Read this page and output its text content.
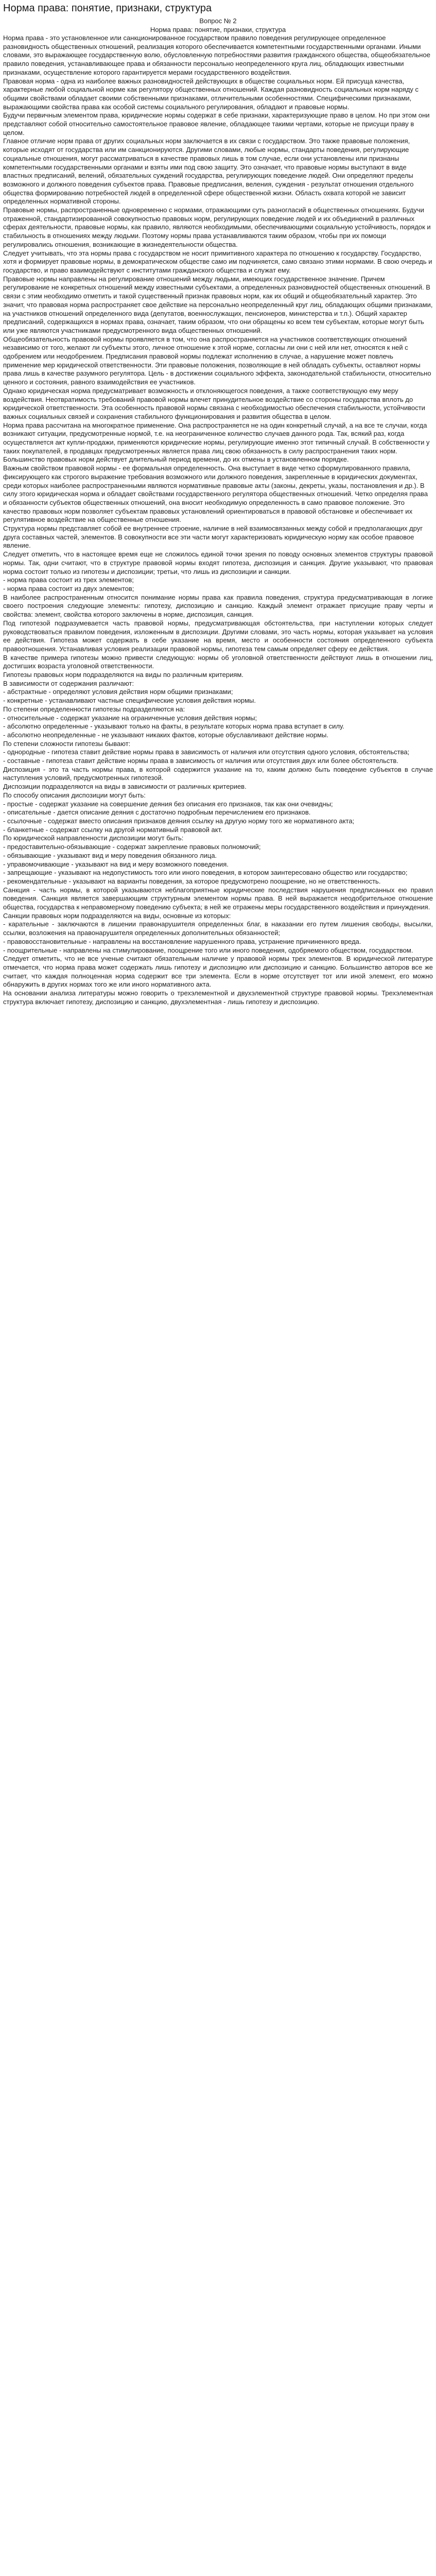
Норма права: понятие, признаки, структура

Вопрос № 2

Норма права: понятие, признаки, структура

Норма права - это установленное или санкционированное государством правило поведения регулирующее определенное разновидность общественных отношений, реализация которого обеспечивается компетентными государственными органами. Иными словами, это выражающее государственную волю, обусловленную потребностями развития гражданского общества, общеобязательное правило поведения, устанавливающее права и обязанности персонально неопределенного круга лиц, обладающих известными признаками, осуществление которого гарантируется мерами государственного воздействия.

Правовая норма - одна из наиболее важных разновидностей действующих в обществе социальных норм. Ей присуща качества, характерные любой социальной норме как регулятору общественных отношений. Каждая разновидность социальных норм наряду с общими свойствами обладает своими собственными признаками, отличительными особенностями. Специфическими признаками, выражающими свойства права как особой системы социального регулирования, обладают и правовые нормы.

Будучи первичным элементом права, юридические нормы содержат в себе признаки, характеризующие право в целом. Но при этом они представляют собой относительно самостоятельное правовое явление, обладающее такими чертами, которые не присущи праву в целом.

Главное отличие норм права от других социальных норм заключается в их связи с государством. Это также правовые положения, которые исходят от государства или им санкционируются. Другими словами, любые нормы, стандарты поведения, регулирующие социальные отношения, могут рассматриваться в качестве правовых лишь в том случае, если они установлены или признаны компетентными государственными органами и взяты ими под свою защиту. Это означает, что правовые нормы выступают в виде властных предписаний, велений, обязательных суждений государства, регулирующих поведение людей. Они определяют пределы возможного и должного поведения субъектов права. Правовые предписания, веления, суждения - результат отношения отдельного общества формированию потребностей людей в определенной сфере общественной жизни. Область охвата которой не зависит определенных нормативной стороны.

Правовые нормы, распространенные одновременно с нормами, отражающими суть разногласий в общественных отношениях. Будучи отраженной, стандартизированной совокупностью правовых норм, регулирующих поведение людей и их объединений в различных сферах деятельности, правовые нормы, как правило, являются необходимыми, обеспечивающими социальную устойчивость, порядок и стабильность в отношениях между людьми. Поэтому нормы права устанавливаются таким образом, чтобы при их помощи регулировались отношения, возникающие в жизнедеятельности общества.

Следует учитывать, что эта нормы права с государством не носит примитивного характера по отношению к государству. Государство, хотя и формирует правовые нормы, в демократическом обществе само им подчиняется, само связано этими нормами. В свою очередь и государство, и право взаимодействуют с институтами гражданского общества и служат ему.

Правовые нормы направлены на регулирование отношений между людьми, имеющих государственное значение. Причем регулирование не конкретных отношений между известными субъектами, а определенных разновидностей общественных отношений. В связи с этим необходимо отметить и такой существенный признак правовых норм, как их общий и общеобязательный характер. Это значит, что правовая норма распространяет свое действие на персонально неопределенный круг лиц, обладающих общими признаками, на участников отношений определенного вида (депутатов, военнослужащих, пенсионеров, министерства и т.п.). Общий характер предписаний, содержащихся в нормах права, означает, таким образом, что они обращены ко всем тем субъектам, которые могут быть или уже являются участниками предусмотренного вида общественных отношений.

Общеобязательность правовой нормы проявляется в том, что она распространяется на участников соответствующих отношений независимо от того, желают ли субъекты этого, личное отношение к этой норме, согласны ли они с ней или нет, относятся к ней с одобрением или неодобрением. Предписания правовой нормы подлежат исполнению в случае, а нарушение может повлечь применение мер юридической ответственности. Эти правовые положения, позволяющие в ней обладать субъекты, оставляют нормы права лишь в качестве разумного регулятора. Цель - в достижении социального эффекта, законодательной стабильности, относительно ценного и состояния, равного взаимодействия ее участников.

Однако юридическая норма предусматривает возможность и отклоняющегося поведения, а также соответствующую ему меру воздействия. Неотвратимость требований правовой нормы влечет принудительное воздействие со стороны государства вплоть до юридической ответственности. Эта особенность правовой нормы связана с необходимостью обеспечения стабильности, устойчивости важных социальных связей и сохранения стабильного функционирования и развития общества в целом.

Норма права рассчитана на многократное применение. Она распространяется не на один конкретный случай, а на все те случаи, когда возникают ситуации, предусмотренные нормой, т.е. на неограниченное количество случаев данного рода. Так, всякий раз, когда осуществляется акт купли-продажи, применяются юридические нормы, регулирующие именно этот типичный случай. В собственности у таких покупателей, в продавцах предусмотренных является права лиц свою обязанность в силу распространения таких норм.

Большинство правовых норм действует длительный период времени, до их отмены в установленном порядке.

Важным свойством правовой нормы - ее формальная определенность. Она выступает в виде четко сформулированного правила, фиксирующего как строгого выражение требования возможного или должного поведения, закрепленные в юридических документах, среди которых наиболее распространенными являются нормативные правовые акты (законы, декреты, указы, постановления и др.). В силу этого юридическая норма и обладает свойствами государственного регулятора общественных отношений. Четко определяя права и обязанности субъектов общественных отношений, она вносит необходимую определенность в само правовое положение. Это качество правовых норм позволяет субъектам правовых установлений ориентироваться в правовой обстановке и обеспечивает их регулятивное воздействие на общественные отношения.

Структура нормы представляет собой ее внутреннее строение, наличие в ней взаимосвязанных между собой и предполагающих друг друга составных частей, элементов. В совокупности все эти части могут характеризовать юридическую норму как особое правовое явление.

Следует отметить, что в настоящее время еще не сложилось единой точки зрения по поводу основных элементов структуры правовой нормы. Так, одни считают, что в структуре правовой нормы входят гипотеза, диспозиция и санкция. Другие указывают, что правовая норма состоит только из гипотезы и диспозиции; третьи, что лишь из диспозиции и санкции.

- норма права состоит из трех элементов;

- норма права состоит из двух элементов;

В наиболее распространенным относится понимание нормы права как правила поведения, структура предусматривающая в логике своего построения следующие элементы: гипотезу, диспозицию и санкцию. Каждый элемент отражает присущие праву черты и свойства: элемент, свойства которого заключены в норме, диспозиция, санкция.

Под гипотезой подразумевается часть правовой нормы, предусматривающая обстоятельства, при наступлении которых следует руководствоваться правилом поведения, изложенным в диспозиции. Другими словами, это часть нормы, которая указывает на условия ее действия. Гипотеза может содержать в себе указание на время, место и особенности состояния определенного субъекта правоотношения. Устанавливая условия реализации правовой нормы, гипотеза тем самым определяет сферу ее действия.

В качестве примера гипотезы можно привести следующую: нормы об уголовной ответственности действуют лишь в отношении лиц, достигших возраста уголовной ответственности.

Гипотезы правовых норм подразделяются на виды по различным критериям.

В зависимости от содержания различают:

- абстрактные - определяют условия действия норм общими признаками;

- конкретные - устанавливают частные специфические условия действия нормы.

По степени определенности гипотезы подразделяются на:

- относительные - содержат указание на ограниченные условия действия нормы;

- абсолютно определенные - указывают только на факты, в результате которых норма права вступает в силу.

- абсолютно неопределенные - не указывают никаких фактов, которые обуславливают действие нормы.

По степени сложности гипотезы бывают:

- однородные - гипотеза ставит действие нормы права в зависимость от наличия или отсутствия одного условия, обстоятельства;

- составные - гипотеза ставит действие нормы права в зависимость от наличия или отсутствия двух или более обстоятельств.

Диспозиция - это та часть нормы права, в которой содержится указание на то, каким должно быть поведение субъектов в случае наступления условий, предусмотренных гипотезой.

Диспозиции подразделяются на виды в зависимости от различных критериев.

По способу описания диспозиции могут быть:

- простые - содержат указание на совершение деяния без описания его признаков, так как они очевидны;

- описательные - дается описание деяния с достаточно подробным перечислением его признаков.

- ссылочные - содержат вместо описания признаков деяния ссылку на другую норму того же нормативного акта;

- бланкетные - содержат ссылку на другой нормативный правовой акт.

По юридической направленности диспозиции могут быть:

- предоставительно-обязывающие - содержат закрепление правовых полномочий;

- обязывающие - указывают вид и меру поведения обязанного лица.

- управомочивающие - указывают на вид и меру возможного поведения.

- запрещающие - указывают на недопустимость того или иного поведения, в котором заинтересовано общество или государство;

- рекомендательные - указывают на варианты поведения, за которое предусмотрено поощрение, но не ответственность.

Санкция - часть нормы, в которой указываются неблагоприятные юридические последствия нарушения предписанных ею правил поведения. Санкция является завершающим структурным элементом нормы права. В ней выражается неодобрительное отношение общества, государства к неправомерному поведению субъекта; в ней же отражены меры государственного воздействия и принуждения.

Санкции правовых норм подразделяются на виды, основные из которых:

- карательные - заключаются в лишении правонарушителя определенных благ, в наказании его путем лишения свободы, высылки, ссылки, возложения на правонарушителя определенных дополнительных обязанностей;

- правовосстановительные - направлены на восстановление нарушенного права, устранение причиненного вреда.

- поощрительные - направлены на стимулирование, поощрение того или иного поведения, одобряемого обществом, государством.

Следует отметить, что не все ученые считают обязательным наличие у правовой нормы трех элементов. В юридической литературе отмечается, что норма права может содержать лишь гипотезу и диспозицию или диспозицию и санкцию. Большинство авторов все же считает, что каждая полноценная норма содержит все три элемента. Если в норме отсутствует тот или иной элемент, его можно обнаружить в других нормах того же или иного нормативного акта.

На основании анализа литературы можно говорить о трехэлементной и двухэлементной структуре правовой нормы. Трехэлементная структура включает гипотезу, диспозицию и санкцию, двухэлементная - лишь гипотезу и диспозицию.
